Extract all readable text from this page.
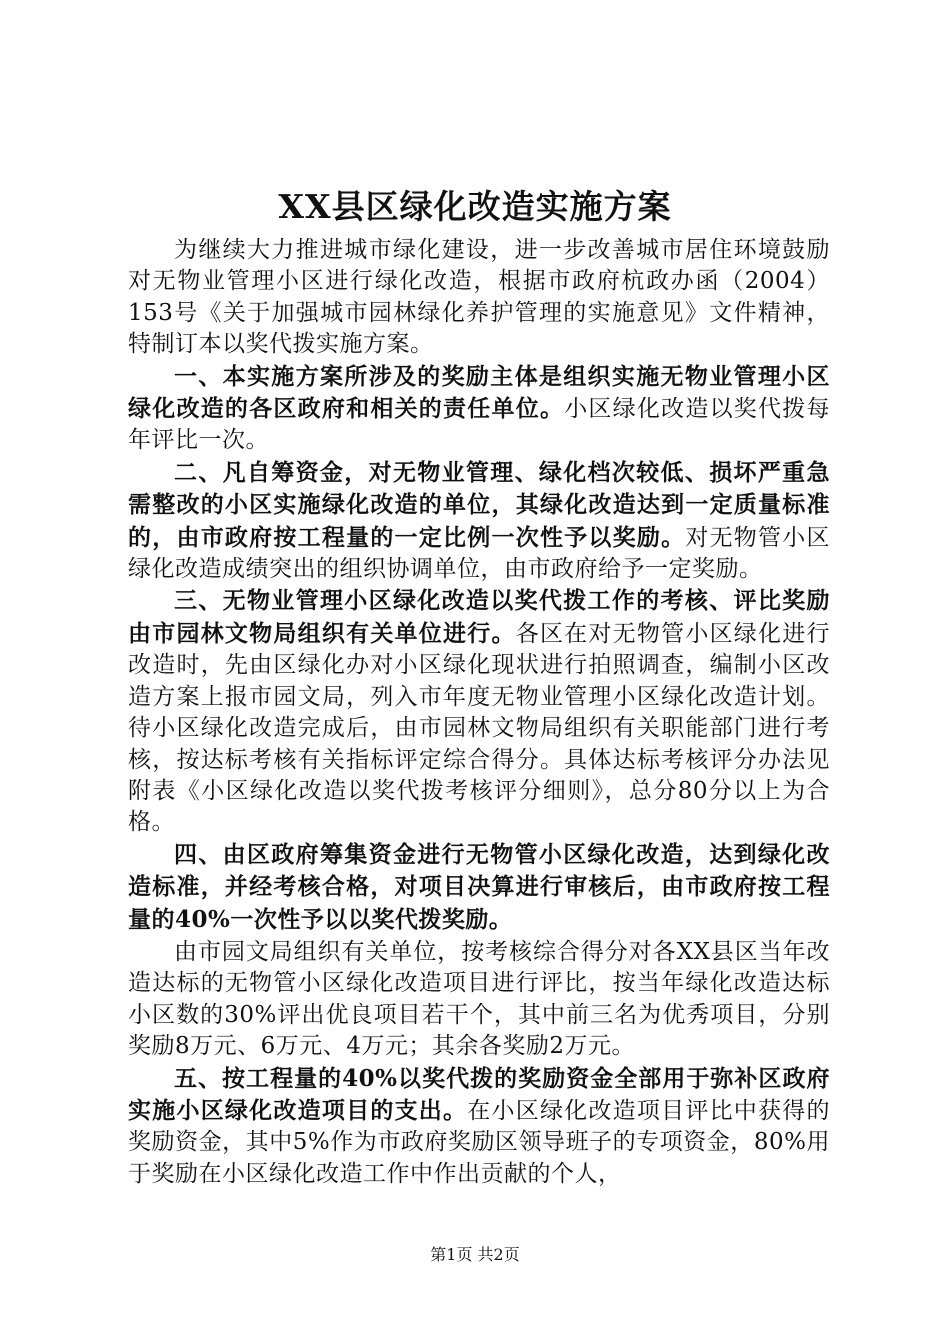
XX县区绿化改造实施方案

为继续大力推进城市绿化建设，进一步改善城市居住环境鼓励对无物业管理小区进行绿化改造，根据市政府杭政办函（2004）153号《关于加强城市园林绿化养护管理的实施意见》文件精神，特制订本以奖代拨实施方案。

一、本实施方案所涉及的奖励主体是组织实施无物业管理小区绿化改造的各区政府和相关的责任单位。小区绿化改造以奖代拨每年评比一次。

二、凡自筹资金，对无物业管理、绿化档次较低、损坏严重急需整改的小区实施绿化改造的单位，其绿化改造达到一定质量标准的，由市政府按工程量的一定比例一次性予以奖励。对无物管小区绿化改造成绩突出的组织协调单位，由市政府给予一定奖励。

三、无物业管理小区绿化改造以奖代拨工作的考核、评比奖励由市园林文物局组织有关单位进行。各区在对无物管小区绿化进行改造时，先由区绿化办对小区绿化现状进行拍照调查，编制小区改造方案上报市园文局，列入市年度无物业管理小区绿化改造计划。待小区绿化改造完成后，由市园林文物局组织有关职能部门进行考核，按达标考核有关指标评定综合得分。具体达标考核评分办法见附表《小区绿化改造以奖代拨考核评分细则》，总分80分以上为合格。

四、由区政府筹集资金进行无物管小区绿化改造，达到绿化改造标准，并经考核合格，对项目决算进行审核后，由市政府按工程量的40%一次性予以以奖代拨奖励。

由市园文局组织有关单位，按考核综合得分对各XX县区当年改造达标的无物管小区绿化改造项目进行评比，按当年绿化改造达标小区数的30%评出优良项目若干个，其中前三名为优秀项目，分别奖励8万元、6万元、4万元；其余各奖励2万元。

五、按工程量的40%以奖代拨的奖励资金全部用于弥补区政府实施小区绿化改造项目的支出。在小区绿化改造项目评比中获得的奖励资金，其中5%作为市政府奖励区领导班子的专项资金，80%用于奖励在小区绿化改造工作中作出贡献的个人，

第1页 共2页
